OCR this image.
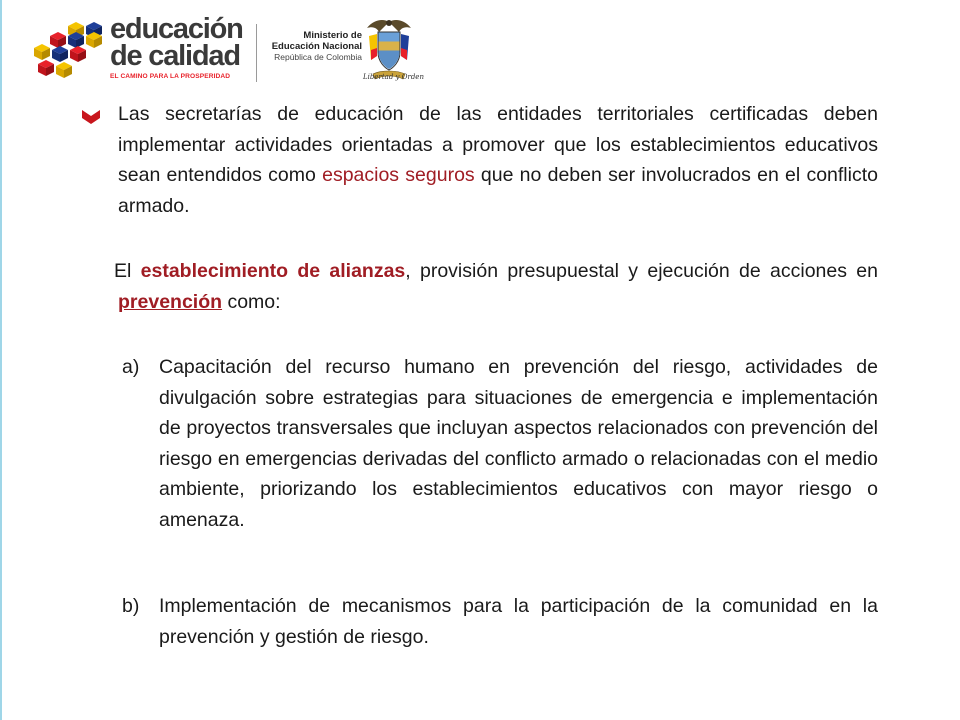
educación
de calidad
EL CAMINO PARA LA PROSPERIDAD
Ministerio de
Educación Nacional
República de Colombia
Libertad y Orden
Las secretarías de educación de las entidades territoriales certificadas deben implementar actividades orientadas a promover que los establecimientos educativos sean entendidos como espacios seguros que no deben ser involucrados en el conflicto armado.
El establecimiento de alianzas, provisión presupuestal y ejecución de acciones en prevención como:
a) Capacitación del recurso humano en prevención del riesgo, actividades de divulgación sobre estrategias para situaciones de emergencia e implementación de proyectos transversales que incluyan aspectos relacionados con prevención del riesgo en emergencias derivadas del conflicto armado o relacionadas con el medio ambiente, priorizando los establecimientos educativos con mayor riesgo o amenaza.
b) Implementación de mecanismos para la participación de la comunidad en la prevención y gestión de riesgo.
